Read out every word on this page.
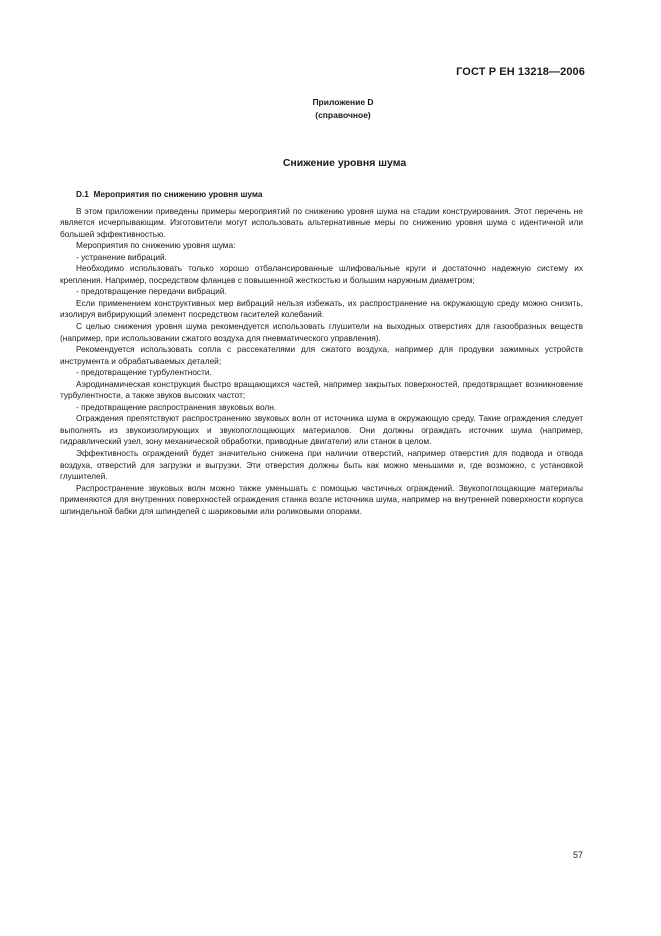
ГОСТ Р ЕН 13218—2006
Приложение D
(справочное)
Снижение уровня шума
D.1 Мероприятия по снижению уровня шума

В этом приложении приведены примеры мероприятий по снижению уровня шума на стадии конструирования. Этот перечень не является исчерпывающим. Изготовители могут использовать альтернативные меры по снижению уровня шума с идентичной или большей эффективностью.

Мероприятия по снижению уровня шума:

- устранение вибраций.

Необходимо использовать только хорошо отбалансированные шлифовальные круги и достаточно надежную систему их крепления. Например, посредством фланцев с повышенной жесткостью и большим наружным диаметром;

- предотвращение передачи вибраций.

Если применением конструктивных мер вибраций нельзя избежать, их распространение на окружающую среду можно снизить, изолируя вибрирующий элемент посредством гасителей колебаний.

С целью снижения уровня шума рекомендуется использовать глушители на выходных отверстиях для газообразных веществ (например, при использовании сжатого воздуха для пневматического управления).

Рекомендуется использовать сопла с рассекателями для сжатого воздуха, например для продувки зажимных устройств инструмента и обрабатываемых деталей;

- предотвращение турбулентности.

Аэродинамическая конструкция быстро вращающихся частей, например закрытых поверхностей, предотвращает возникновение турбулентности, а также звуков высоких частот;

- предотвращение распространения звуковых волн.

Ограждения препятствуют распространению звуковых волн от источника шума в окружающую среду. Такие ограждения следует выполнять из звукоизолирующих и звукопоглощающих материалов. Они должны ограждать источник шума (например, гидравлический узел, зону механической обработки, приводные двигатели) или станок в целом.

Эффективность ограждений будет значительно снижена при наличии отверстий, например отверстия для подвода и отвода воздуха, отверстий для загрузки и выгрузки. Эти отверстия должны быть как можно меньшими и, где возможно, с установкой глушителей.

Распространение звуковых волн можно также уменьшать с помощью частичных ограждений. Звукопоглощающие материалы применяются для внутренних поверхностей ограждения станка возле источника шума, например на внутренней поверхности корпуса шпиндельной бабки для шпинделей с шариковыми или роликовыми опорами.

57
